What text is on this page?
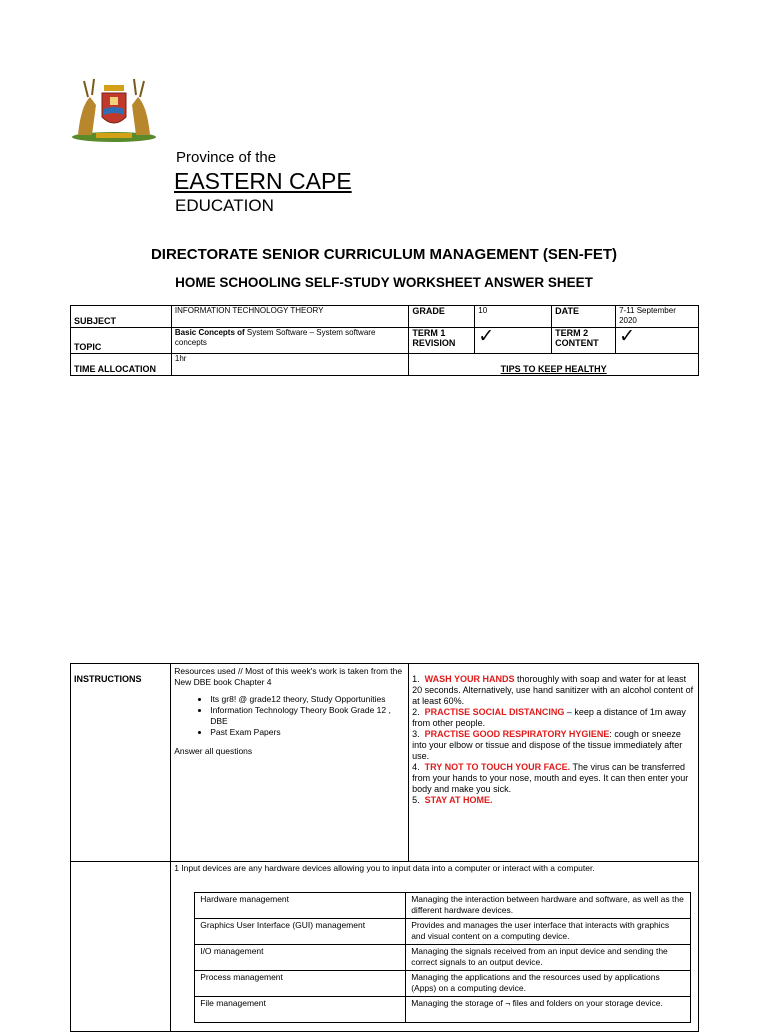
Province of the
EASTERN CAPE
EDUCATION
DIRECTORATE SENIOR CURRICULUM MANAGEMENT (SEN-FET)
HOME SCHOOLING SELF-STUDY WORKSHEET ANSWER SHEET
SUBJECT	INFORMATION TECHNOLOGY THEORY	GRADE	10	DATE	7-11 September 2020
TOPIC	Basic Concepts of System Software – System software concepts	TERM 1 REVISION	✓	TERM 2 CONTENT	✓
TIME ALLOCATION	1hr	TIPS TO KEEP HEALTHY			
INSTRUCTIONS	

Resources used // Most of this week's work is taken from the New DBE book Chapter 4

• Its gr8! @ grade12 theory, Study Opportunities
• Information Technology Theory Book Grade 12 , DBE
• Past Exam Papers

Answer all questions

1. WASH YOUR HANDS thoroughly with soap and water for at least 20 seconds. Alternatively, use hand sanitizer with an alcohol content of at least 60%.
2. PRACTISE SOCIAL DISTANCING – keep a distance of 1m away from other people.
3. PRACTISE GOOD RESPIRATORY HYGIENE: cough or sneeze into your elbow or tissue and dispose of the tissue immediately after use.
4. TRY NOT TO TOUCH YOUR FACE. The virus can be transferred from your hands to your nose, mouth and eyes. It can then enter your body and make you sick.
5. STAY AT HOME.

1 Input devices are any hardware devices allowing you to input data into a computer or interact with a computer.
Hardware management	Managing the interaction between hardware and software, as well as the different hardware devices.
Graphics User Interface (GUI) management	Provides and manages the user interface that interacts with graphics and visual content on a computing device.
I/O management	Managing the signals received from an input device and sending the correct signals to an output device.
Process management	Managing the applications and the resources used by applications (Apps) on a computing device.
File management	Managing the storage of ¬ files and folders on your storage device.
